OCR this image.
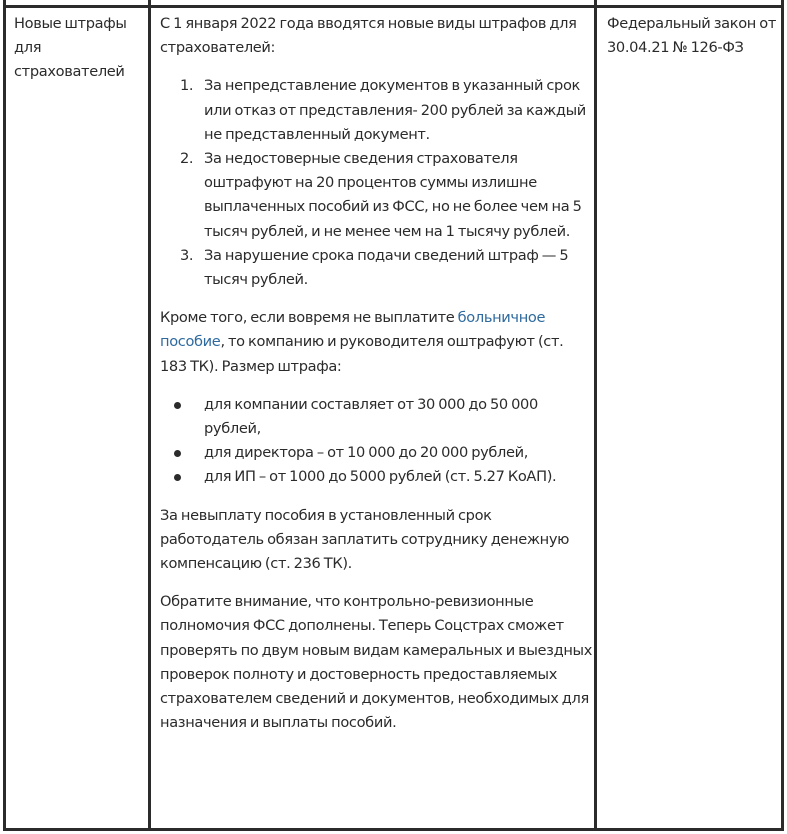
Новые штрафы для страхователей

С 1 января 2022 года вводятся новые виды штрафов для страхователей:

1. За непредставление документов в указанный срок или отказ от представления- 200 рублей за каждый не представленный документ.
2. За недостоверные сведения страхователя оштрафуют на 20 процентов суммы излишне выплаченных пособий из ФСС, но не более чем на 5 тысяч рублей, и не менее чем на 1 тысячу рублей.
3. За нарушение срока подачи сведений штраф — 5 тысяч рублей.

Кроме того, если вовремя не выплатите больничное пособие, то компанию и руководителя оштрафуют (ст. 183 ТК). Размер штрафа:

для компании составляет от 30 000 до 50 000 рублей,
для директора – от 10 000 до 20 000 рублей,
для ИП – от 1000 до 5000 рублей (ст. 5.27 КоАП).

За невыплату пособия в установленный срок работодатель обязан заплатить сотруднику денежную компенсацию (ст. 236 ТК).

Обратите внимание, что контрольно-ревизионные полномочия ФСС дополнены. Теперь Соцстрах сможет проверять по двум новым видам камеральных и выездных проверок полноту и достоверность предоставляемых страхователем сведений и документов, необходимых для назначения и выплаты пособий.

Федеральный закон от 30.04.21 № 126-ФЗ
